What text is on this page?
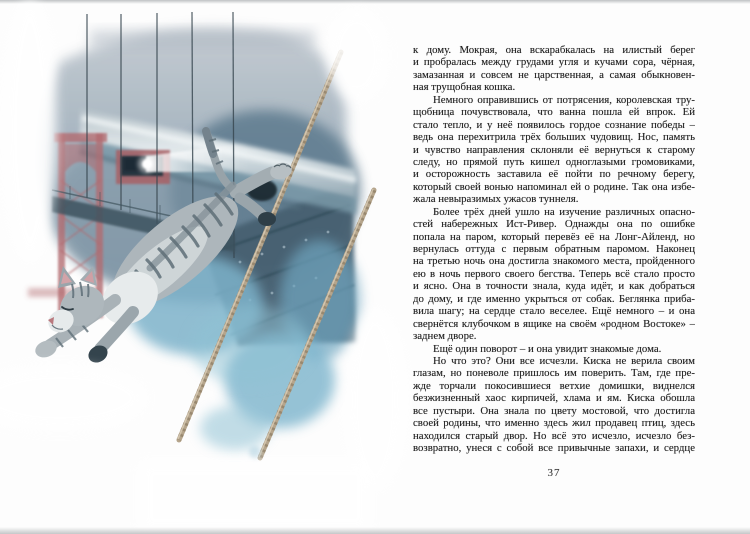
к дому. Мокрая, она вскарабкалась на илистый берег
и пробралась между грудами угля и кучами сора, чёрная,
замазанная и совсем не царственная, а самая обыкновен-
ная трущобная кошка.
Немного оправившись от потрясения, королевская тру-
щобница почувствовала, что ванна пошла ей впрок. Ей
стало тепло, и у неё появилось гордое сознание победы –
ведь она перехитрила трёх больших чудовищ. Нос, память
и чувство направления склоняли её вернуться к старому
следу, но прямой путь кишел одноглазыми громовиками,
и осторожность заставила её пойти по речному берегу,
который своей вонью напоминал ей о родине. Так она избе-
жала невыразимых ужасов туннеля.
Более трёх дней ушло на изучение различных опасно-
стей набережных Ист-Ривер. Однажды она по ошибке
попала на паром, который перевёз её на Лонг-Айленд, но
вернулась оттуда с первым обратным паромом. Наконец
на третью ночь она достигла знакомого места, пройденного
ею в ночь первого своего бегства. Теперь всё стало просто
и ясно. Она в точности знала, куда идёт, и как добраться
до дому, и где именно укрыться от собак. Беглянка приба-
вила шагу; на сердце стало веселее. Ещё немного – и она
свернётся клубочком в ящике на своём «родном Востоке» –
заднем дворе.
Ещё один поворот – и она увидит знакомые дома.
Но что это? Они все исчезли. Киска не верила своим
глазам, но поневоле пришлось им поверить. Там, где пре-
жде торчали покосившиеся ветхие домишки, виднелся
безжизненный хаос кирпичей, хлама и ям. Киска обошла
все пустыри. Она знала по цвету мостовой, что достигла
своей родины, что именно здесь жил продавец птиц, здесь
находился старый двор. Но всё это исчезло, исчезло без-
возвратно, унеся с собой все привычные запахи, и сердце
37
